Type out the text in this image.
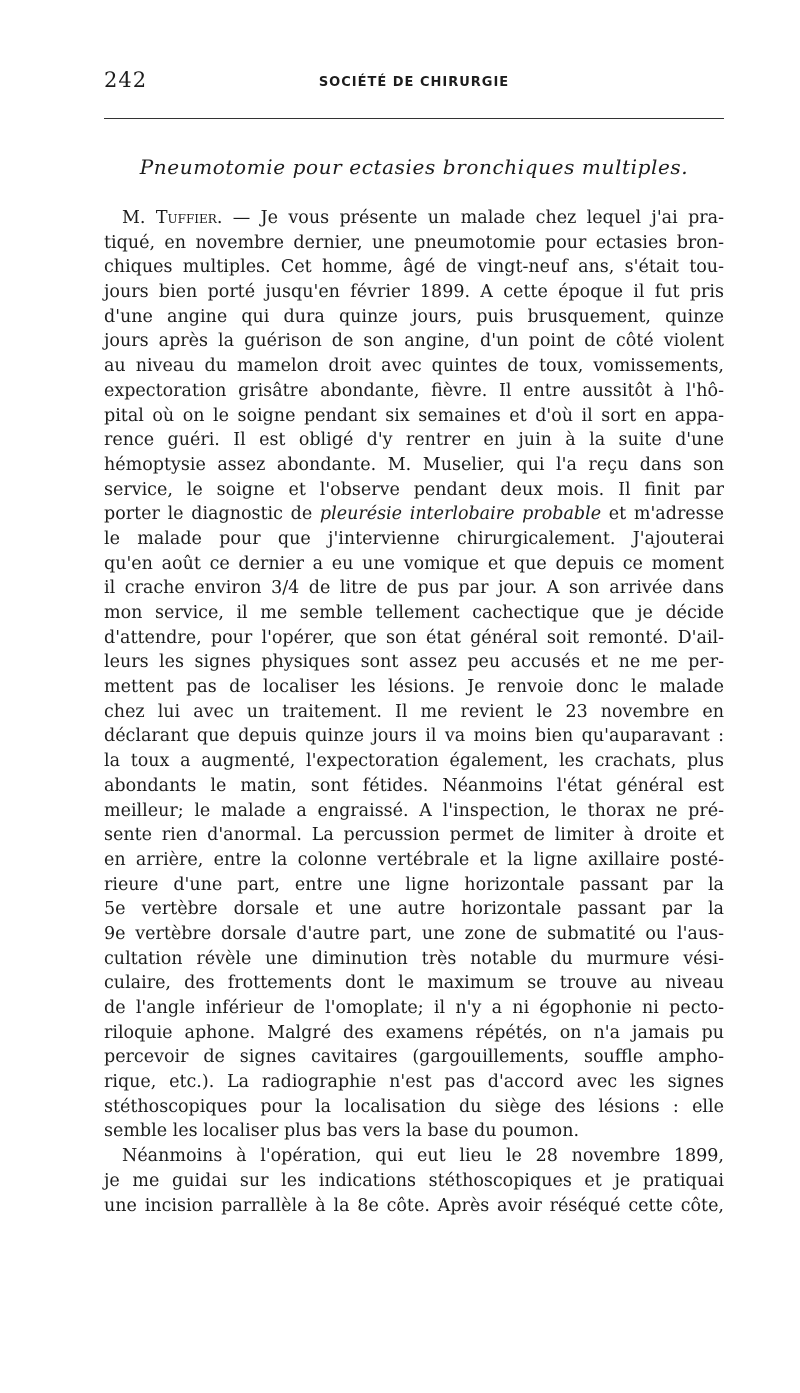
242	SOCIÉTÉ DE CHIRURGIE
Pneumotomie pour ectasies bronchiques multiples.
M. Tuffier. — Je vous présente un malade chez lequel j'ai pra-
tiqué, en novembre dernier, une pneumotomie pour ectasies bron-
chiques multiples. Cet homme, âgé de vingt-neuf ans, s'était tou-
jours bien porté jusqu'en février 1899. A cette époque il fut pris
d'une angine qui dura quinze jours, puis brusquement, quinze
jours après la guérison de son angine, d'un point de côté violent
au niveau du mamelon droit avec quintes de toux, vomissements,
expectoration grisâtre abondante, fièvre. Il entre aussitôt à l'hô-
pital où on le soigne pendant six semaines et d'où il sort en appa-
rence guéri. Il est obligé d'y rentrer en juin à la suite d'une
hémoptysie assez abondante. M. Muselier, qui l'a reçu dans son
service, le soigne et l'observe pendant deux mois. Il finit par
porter le diagnostic de pleurésie interlobaire probable et m'adresse
le malade pour que j'intervienne chirurgicalement. J'ajouterai
qu'en août ce dernier a eu une vomique et que depuis ce moment
il crache environ 3/4 de litre de pus par jour. A son arrivée dans
mon service, il me semble tellement cachectique que je décide
d'attendre, pour l'opérer, que son état général soit remonté. D'ail-
leurs les signes physiques sont assez peu accusés et ne me per-
mettent pas de localiser les lésions. Je renvoie donc le malade
chez lui avec un traitement. Il me revient le 23 novembre en
déclarant que depuis quinze jours il va moins bien qu'auparavant :
la toux a augmenté, l'expectoration également, les crachats, plus
abondants le matin, sont fétides. Néanmoins l'état général est
meilleur; le malade a engraissé. A l'inspection, le thorax ne pré-
sente rien d'anormal. La percussion permet de limiter à droite et
en arrière, entre la colonne vertébrale et la ligne axillaire posté-
rieure d'une part, entre une ligne horizontale passant par la
5e vertèbre dorsale et une autre horizontale passant par la
9e vertèbre dorsale d'autre part, une zone de submatité ou l'aus-
cultation révèle une diminution très notable du murmure vési-
culaire, des frottements dont le maximum se trouve au niveau
de l'angle inférieur de l'omoplate; il n'y a ni égophonie ni pecto-
riloquie aphone. Malgré des examens répétés, on n'a jamais pu
percevoir de signes cavitaires (gargouillements, souffle ampho-
rique, etc.). La radiographie n'est pas d'accord avec les signes
stéthoscopiques pour la localisation du siège des lésions : elle
semble les localiser plus bas vers la base du poumon.
Néanmoins à l'opération, qui eut lieu le 28 novembre 1899,
je me guidai sur les indications stéthoscopiques et je pratiquai
une incision parrallèle à la 8e côte. Après avoir réséqué cette côte,
